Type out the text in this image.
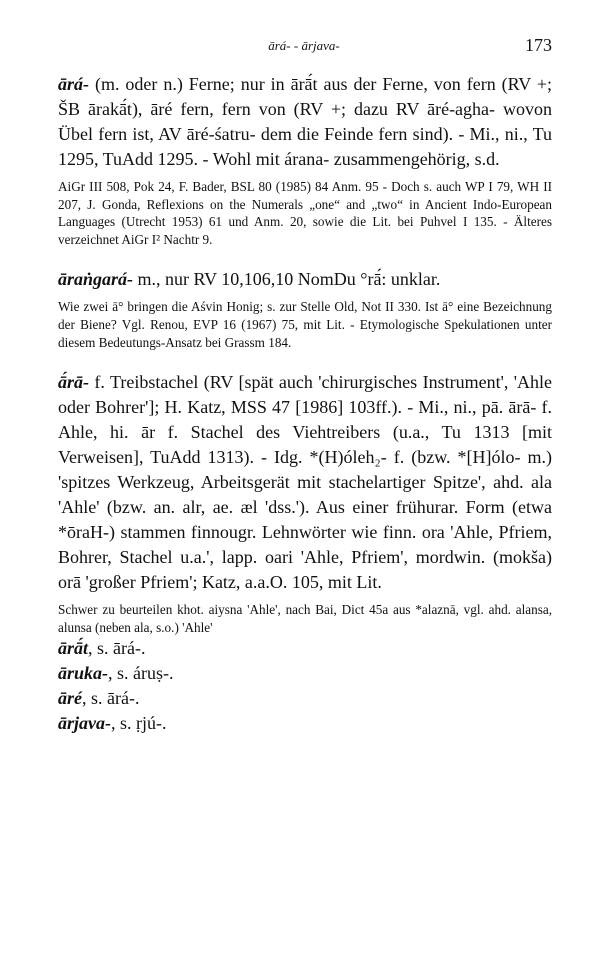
ārá- - ārjava-	173

ārá- (m. oder n.) Ferne; nur in ārā́t aus der Ferne, von fern (RV +; ŠB ārakā́t), āré fern, fern von (RV +; dazu RV āré-agha- wovon Übel fern ist, AV āré-śatru- dem die Feinde fern sind). - Mi., ni., Tu 1295, TuAdd 1295. - Wohl mit árana- zusammengehörig, s.d.

AiGr III 508, Pok 24, F. Bader, BSL 80 (1985) 84 Anm. 95 - Doch s. auch WP I 79, WH II 207, J. Gonda, Reflexions on the Numerals „one“ and „two“ in Ancient Indo-European Languages (Utrecht 1953) 61 und Anm. 20, sowie die Lit. bei Puhvel I 135. - Älteres verzeichnet AiGr I² Nachtr 9.

āraṅgará- m., nur RV 10,106,10 NomDu °rā́: unklar.

Wie zwei ā° bringen die Aśvin Honig; s. zur Stelle Old, Not II 330. Ist ā° eine Bezeichnung der Biene? Vgl. Renou, EVP 16 (1967) 75, mit Lit. - Etymologische Spekulationen unter diesem Bedeutungs-Ansatz bei Grassm 184.

ā́rā- f. Treibstachel (RV [spät auch 'chirurgisches Instrument', 'Ahle oder Bohrer']; H. Katz, MSS 47 [1986] 103ff.). - Mi., ni., pā. ārā- f. Ahle, hi. ār f. Stachel des Viehtreibers (u.a., Tu 1313 [mit Verweisen], TuAdd 1313). - Idg. *(H)óleh₂- f. (bzw. *[H]ólo- m.) 'spitzes Werkzeug, Arbeitsgerät mit stachelartiger Spitze', ahd. ala 'Ahle' (bzw. an. alr, ae. æl 'dss.'). Aus einer frühurar. Form (etwa *ōraH-) stammen finnougr. Lehnwörter wie finn. ora 'Ahle, Pfriem, Bohrer, Stachel u.a.', lapp. oari 'Ahle, Pfriem', mordwin. (mokša) orā 'großer Pfriem'; Katz, a.a.O. 105, mit Lit.

Schwer zu beurteilen khot. aiysna 'Ahle', nach Bai, Dict 45a aus *alaznā, vgl. ahd. alansa, alunsa (neben ala, s.o.) 'Ahle'

ārā́t, s. ārá-.

āruka-, s. áruṣ-.

āré, s. ārá-.

ārjava-, s. ṛjú-.
